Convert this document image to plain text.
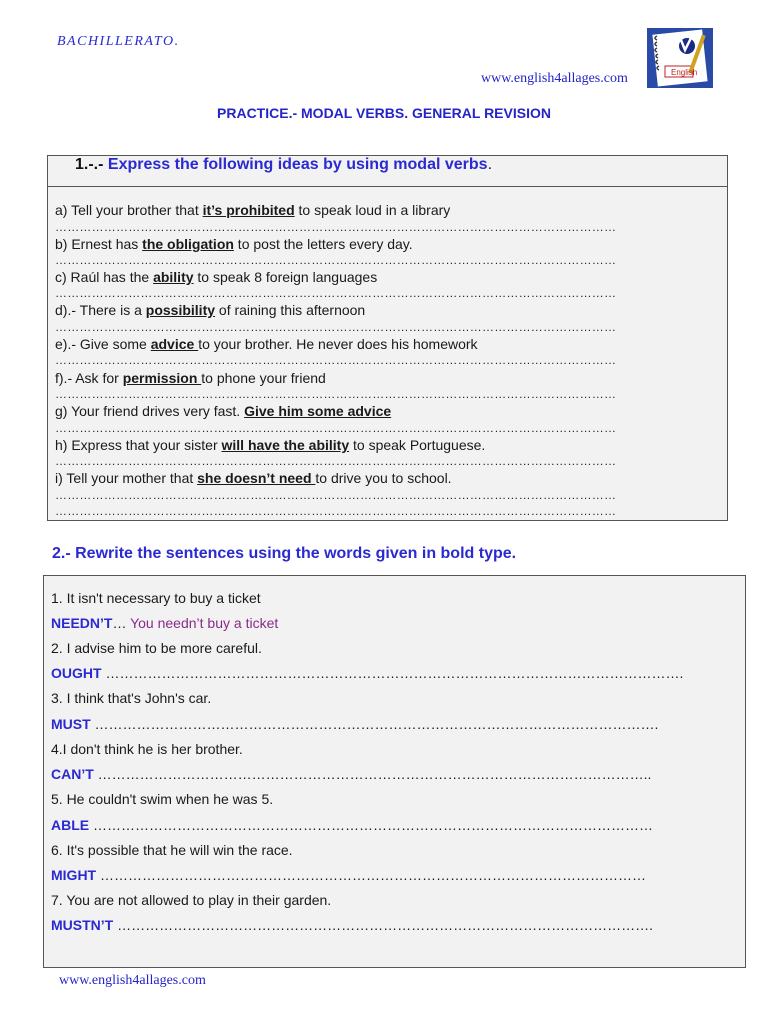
BACHILLERATO.
www.english4allages.com	English
PRACTICE.- MODAL VERBS. GENERAL REVISION
1.-.- Express the following ideas by using modal verbs.
a) Tell your brother that it’s prohibited to speak loud in a library
…………………………………………………………………………………………………………………………
b) Ernest has the obligation to post the letters every day.
…………………………………………………………………………………………………………………………
c) Raúl has the ability to speak 8 foreign languages
…………………………………………………………………………………………………………………………
d).- There is a possibility of raining this afternoon
…………………………………………………………………………………………………………………………
e).- Give some advice to your brother. He never does his homework
…………………………………………………………………………………………………………………………
f).- Ask for permission to phone your friend
…………………………………………………………………………………………………………………………
g) Your friend drives very fast. Give him some advice
…………………………………………………………………………………………………………………………
h) Express that your sister will have the ability to speak Portuguese.
…………………………………………………………………………………………………………………………
i) Tell your mother that she doesn’t need to drive you to school.
…………………………………………………………………………………………………………………………
…………………………………………………………………………………………………………………………
2.- Rewrite the sentences using the words given in bold type.
1. It isn't necessary to buy a ticket
NEEDN’T… You needn’t buy a ticket
2. I advise him to be more careful.
OUGHT …………………………………………………………………………………………………………….
3. I think that's John's car.
MUST ………………………………………………………………………………………………………….
4.I don't think he is her brother.
CAN’T ………………………………………………………………………………………………………..
5. He couldn't swim when he was 5.
ABLE …………………………………………………………………………………………………………
6. It's possible that he will win the race.
MIGHT ………………………………………………………………………………………………………
7. You are not allowed to play in their garden.
MUSTN’T …………………………………………………………………………………………………….
www.english4allages.com
